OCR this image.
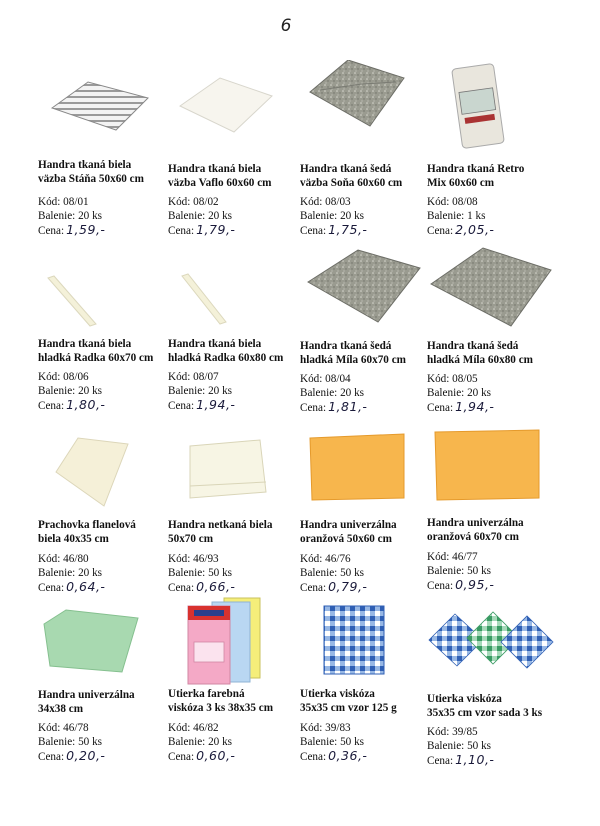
6
Handra tkaná biela
väzba Stáňa 50x60 cm
Kód: 08/01
Balenie: 20 ks
Cena: 1,59,-
Handra tkaná biela
väzba Vaflo 60x60 cm
Kód: 08/02
Balenie: 20 ks
Cena: 1,79,-
Handra tkaná šedá
väzba Soňa 60x60 cm
Kód: 08/03
Balenie: 20 ks
Cena: 1,75,-
Handra tkaná Retro
Mix 60x60 cm
Kód: 08/08
Balenie: 1 ks
Cena: 2,05,-
Handra tkaná biela
hladká Radka 60x70 cm
Kód: 08/06
Balenie: 20 ks
Cena: 1,80,-
Handra tkaná biela
hladká Radka 60x80 cm
Kód: 08/07
Balenie: 20 ks
Cena: 1,94,-
Handra tkaná šedá
hladká Míla 60x70 cm
Kód: 08/04
Balenie: 20 ks
Cena: 1,81,-
Handra tkaná šedá
hladká Míla 60x80 cm
Kód: 08/05
Balenie: 20 ks
Cena: 1,94,-
Prachovka flanelová
biela 40x35 cm
Kód: 46/80
Balenie: 20 ks
Cena: 0,64,-
Handra netkaná biela
50x70 cm
Kód: 46/93
Balenie: 50 ks
Cena: 0,66,-
Handra univerzálna
oranžová 50x60 cm
Kód: 46/76
Balenie: 50 ks
Cena: 0,79,-
Handra univerzálna
oranžová 60x70 cm
Kód: 46/77
Balenie: 50 ks
Cena: 0,95,-
Handra univerzálna
34x38 cm
Kód: 46/78
Balenie: 50 ks
Cena: 0,20,-
Utierka farebná
viskóza 3 ks 38x35 cm
Kód: 46/82
Balenie: 20 ks
Cena: 0,60,-
Utierka viskóza
35x35 cm vzor 125 g
Kód: 39/83
Balenie: 50 ks
Cena: 0,36,-
Utierka viskóza
35x35 cm vzor sada 3 ks
Kód: 39/85
Balenie: 50 ks
Cena: 1,10,-
